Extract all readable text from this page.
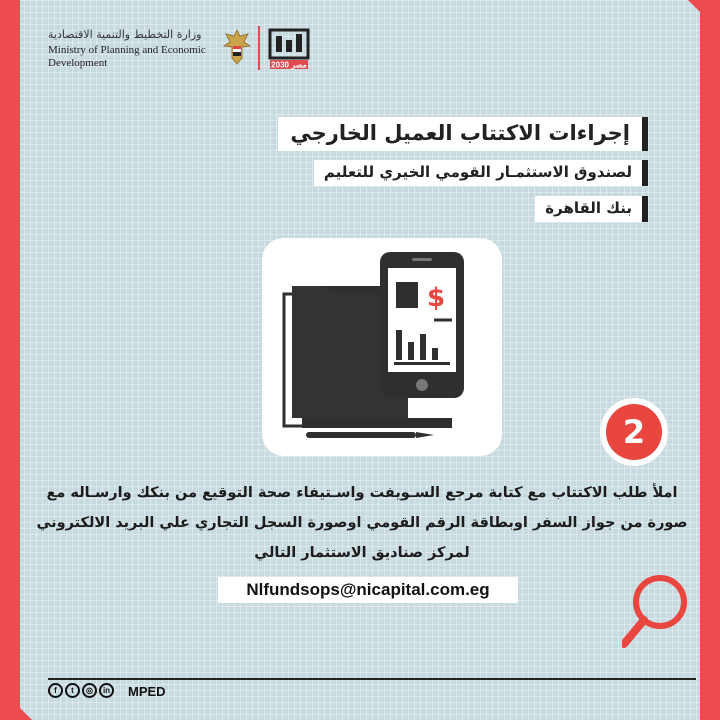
وزارة التخطيط والتنمية الاقتصادية
Ministry of Planning and Economic Development	مصر 2030
إجراءات الاكتتاب العميل الخارجي
لصندوق الاستثمـار القومي الخيري للتعليم
بنك القاهرة
$
2
املأ طلب الاكتتاب مع كتابة مرجع السـويفت واسـتيفاء صحة التوقيع من بنكك وارسـاله مع صورة من جواز السفر اوبطاقة الرقم القومي اوصورة السجل التجاري علي البريد الالكتروني لمركز صناديق الاستثمار التالي
Nlfundsops@nicapital.com.eg
f	t	◎	in	MPED
